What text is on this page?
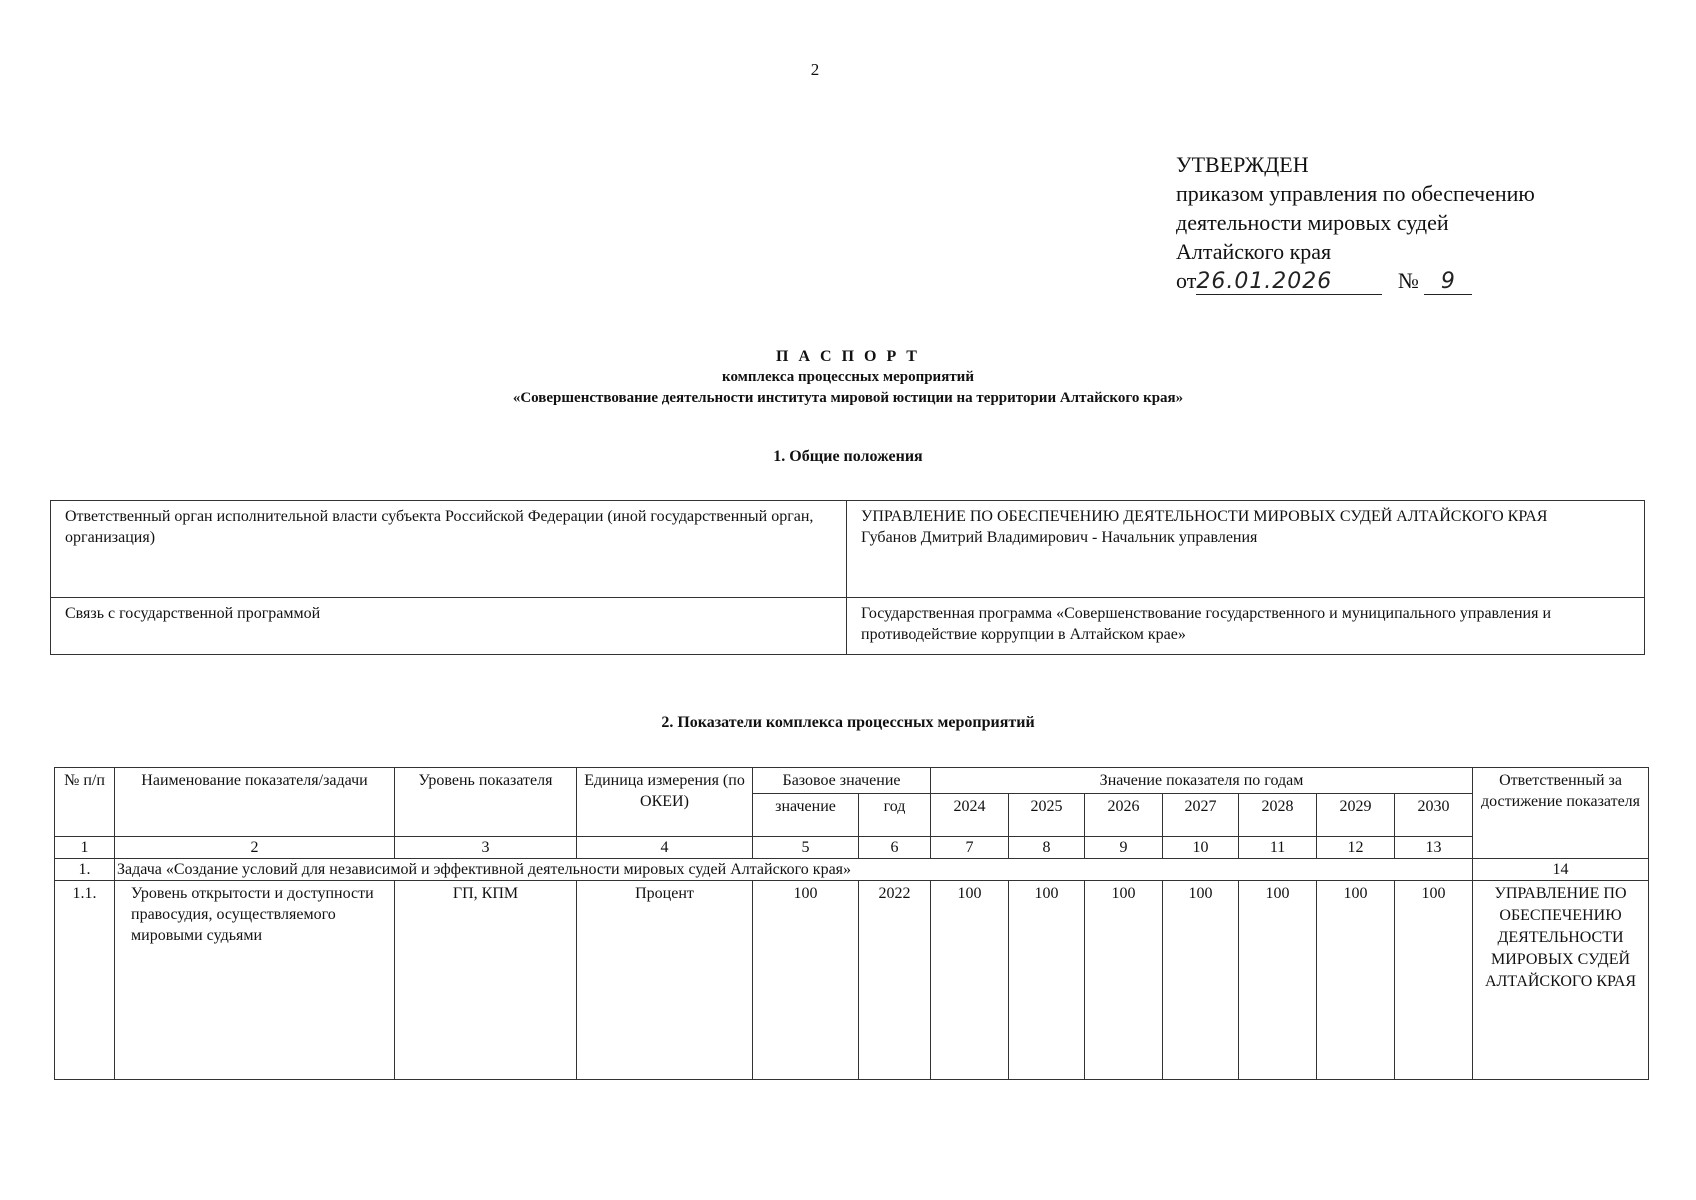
2
УТВЕРЖДЕН
приказом управления по обеспечению
деятельности мировых судей
Алтайского края
от26.01.2026	№ 9
П А С П О Р Т
комплекса процессных мероприятий
«Совершенствование деятельности института мировой юстиции на территории Алтайского края»
1. Общие положения
Ответственный орган исполнительной власти субъекта Российской Федерации (иной государственный орган, организация)	УПРАВЛЕНИЕ ПО ОБЕСПЕЧЕНИЮ ДЕЯТЕЛЬНОСТИ МИРОВЫХ СУДЕЙ АЛТАЙСКОГО КРАЯ
Губанов Дмитрий Владимирович - Начальник управления

Связь с государственной программой	Государственная программа «Совершенствование государственного и муниципального управления и противодействие коррупции в Алтайском крае»
2. Показатели комплекса процессных мероприятий
№ п/п	Наименование показателя/задачи	Уровень показателя	Единица измерения (по ОКЕИ)	Базовое значение		Значение показателя по годам							Ответственный за достижение показателя
				значение	год	2024	2025	2026	2027	2028	2029	2030	
1	2	3	4	5	6	7	8	9	10	11	12	13	
1.	Задача «Создание условий для независимой и эффективной деятельности мировых судей Алтайского края»												14
1.1.	Уровень открытости и доступности правосудия, осуществляемого мировыми судьями	ГП, КПМ	Процент	100	2022	100	100	100	100	100	100	100	УПРАВЛЕНИЕ ПО ОБЕСПЕЧЕНИЮ ДЕЯТЕЛЬНОСТИ МИРОВЫХ СУДЕЙ АЛТАЙСКОГО КРАЯ
